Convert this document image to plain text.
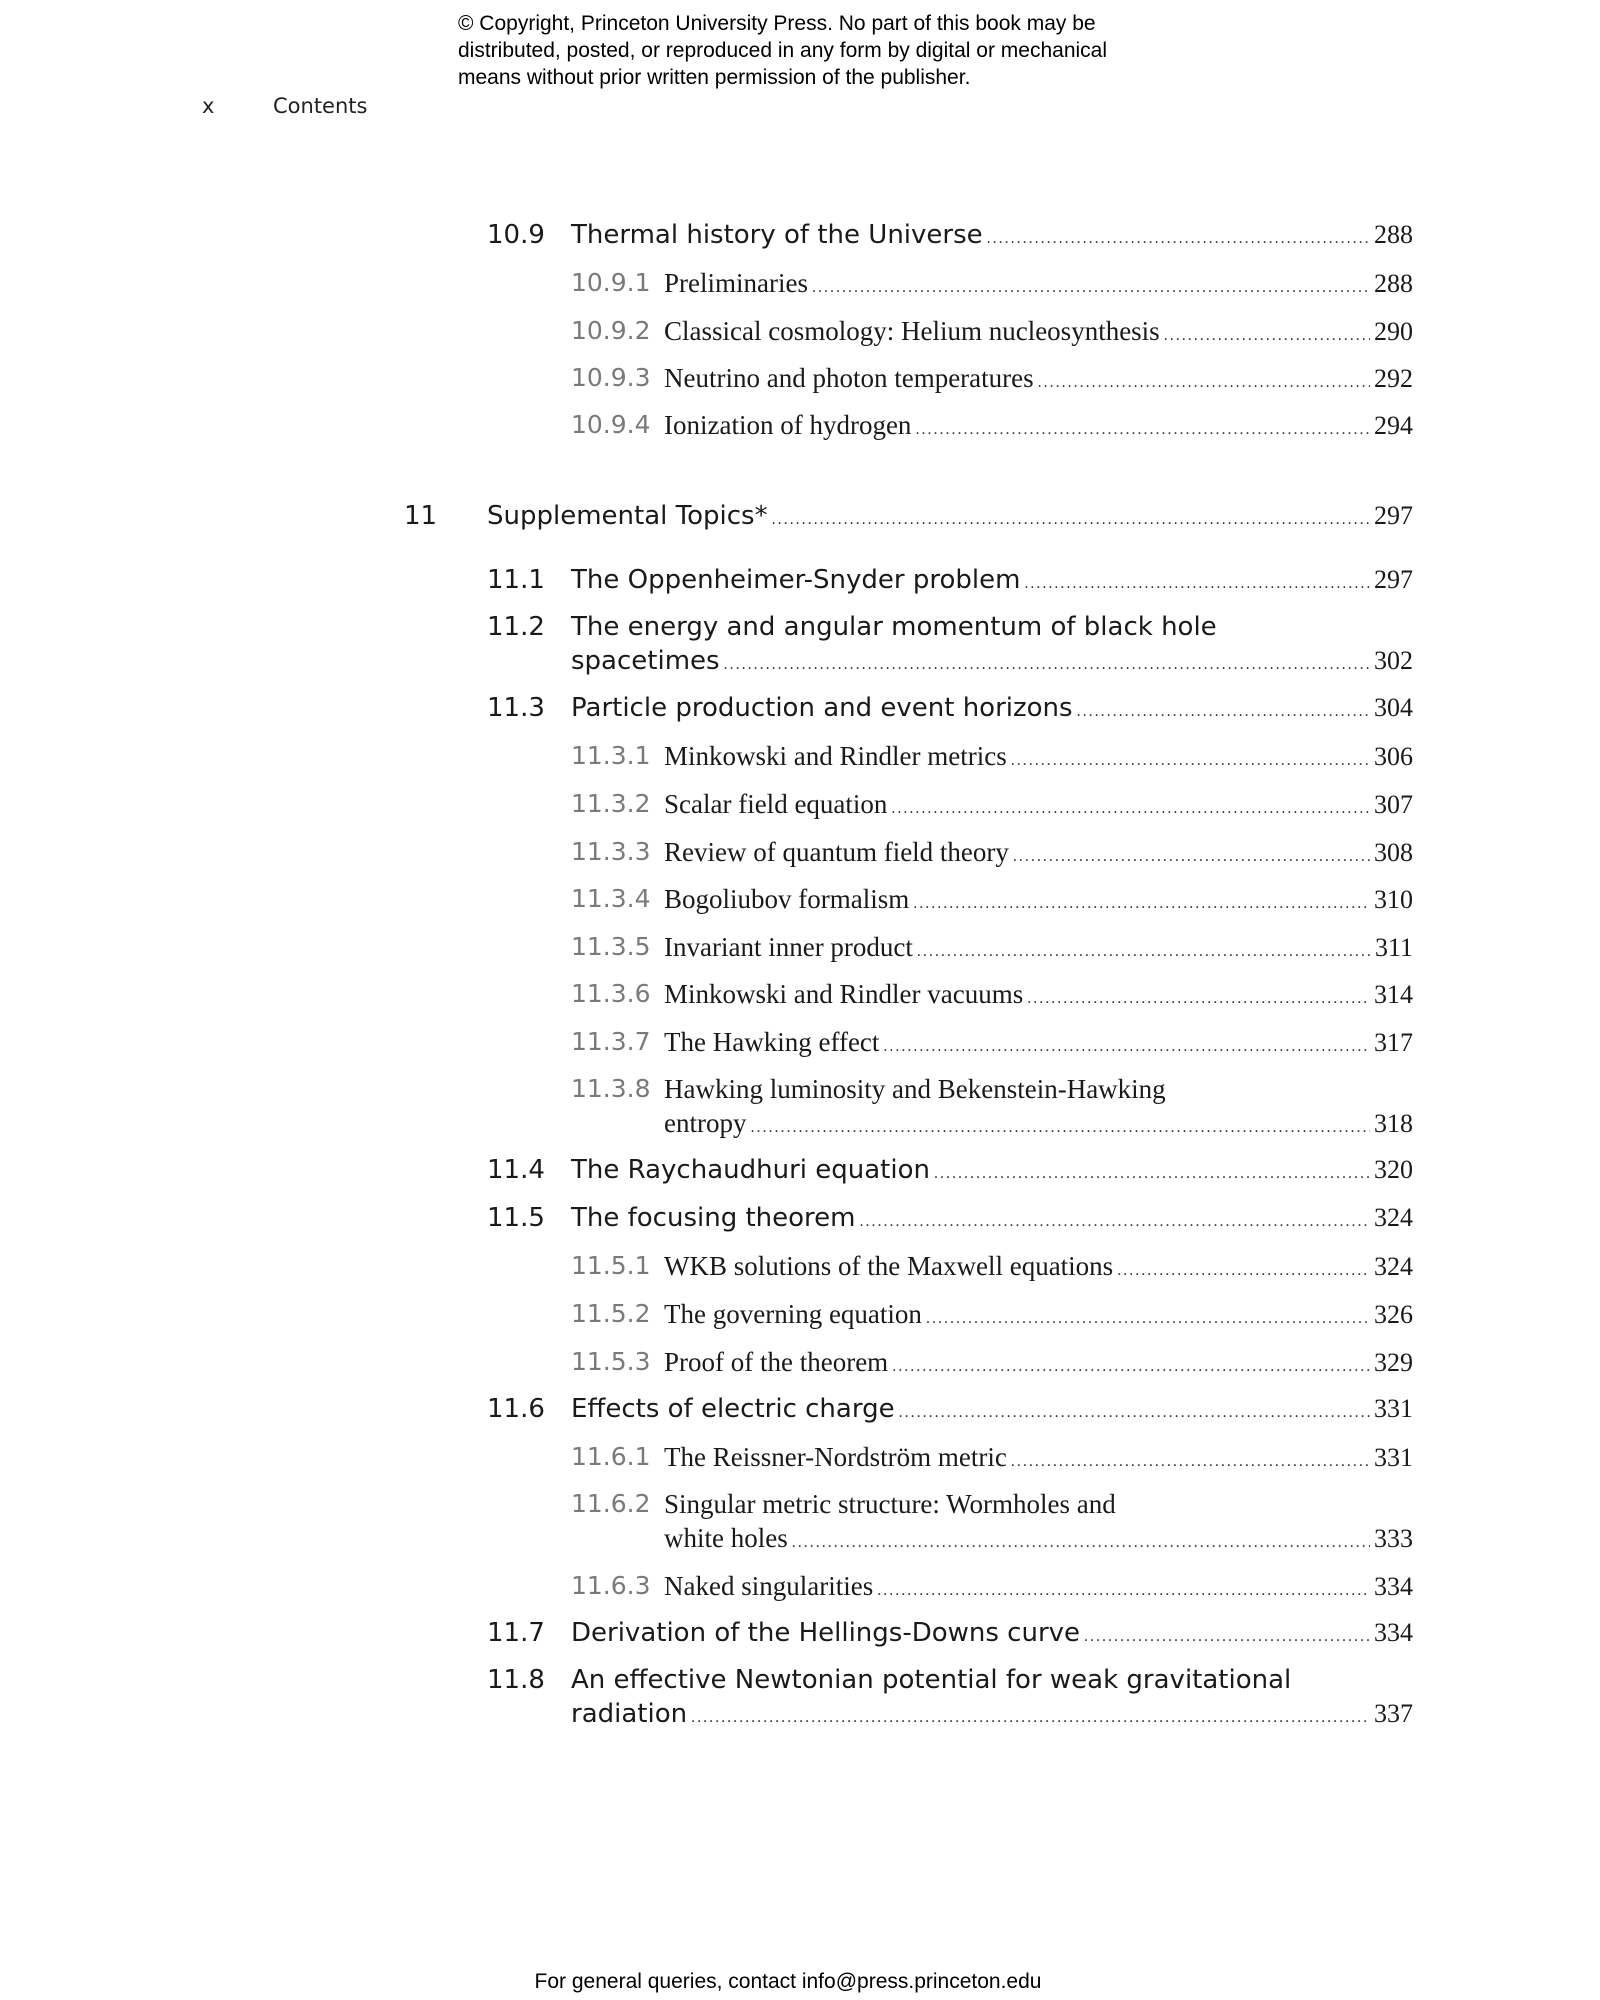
© Copyright, Princeton University Press. No part of this book may be
distributed, posted, or reproduced in any form by digital or mechanical
means without prior written permission of the publisher.
x	Contents
10.9 Thermal history of the Universe .....	288
10.9.1 Preliminaries .....	288
10.9.2 Classical cosmology: Helium nucleosynthesis .....	290
10.9.3 Neutrino and photon temperatures .....	292
10.9.4 Ionization of hydrogen .....	294
11 Supplemental Topics* .....	297
11.1 The Oppenheimer-Snyder problem .....	297
11.2 The energy and angular momentum of black hole
spacetimes .....	302
11.3 Particle production and event horizons .....	304
11.3.1 Minkowski and Rindler metrics .....	306
11.3.2 Scalar field equation .....	307
11.3.3 Review of quantum field theory .....	308
11.3.4 Bogoliubov formalism .....	310
11.3.5 Invariant inner product .....	311
11.3.6 Minkowski and Rindler vacuums .....	314
11.3.7 The Hawking effect .....	317
11.3.8 Hawking luminosity and Bekenstein-Hawking
entropy .....	318
11.4 The Raychaudhuri equation .....	320
11.5 The focusing theorem .....	324
11.5.1 WKB solutions of the Maxwell equations .....	324
11.5.2 The governing equation .....	326
11.5.3 Proof of the theorem .....	329
11.6 Effects of electric charge .....	331
11.6.1 The Reissner-Nordström metric .....	331
11.6.2 Singular metric structure: Wormholes and
white holes .....	333
11.6.3 Naked singularities .....	334
11.7 Derivation of the Hellings-Downs curve .....	334
11.8 An effective Newtonian potential for weak gravitational
radiation .....	337
For general queries, contact info@press.princeton.edu
